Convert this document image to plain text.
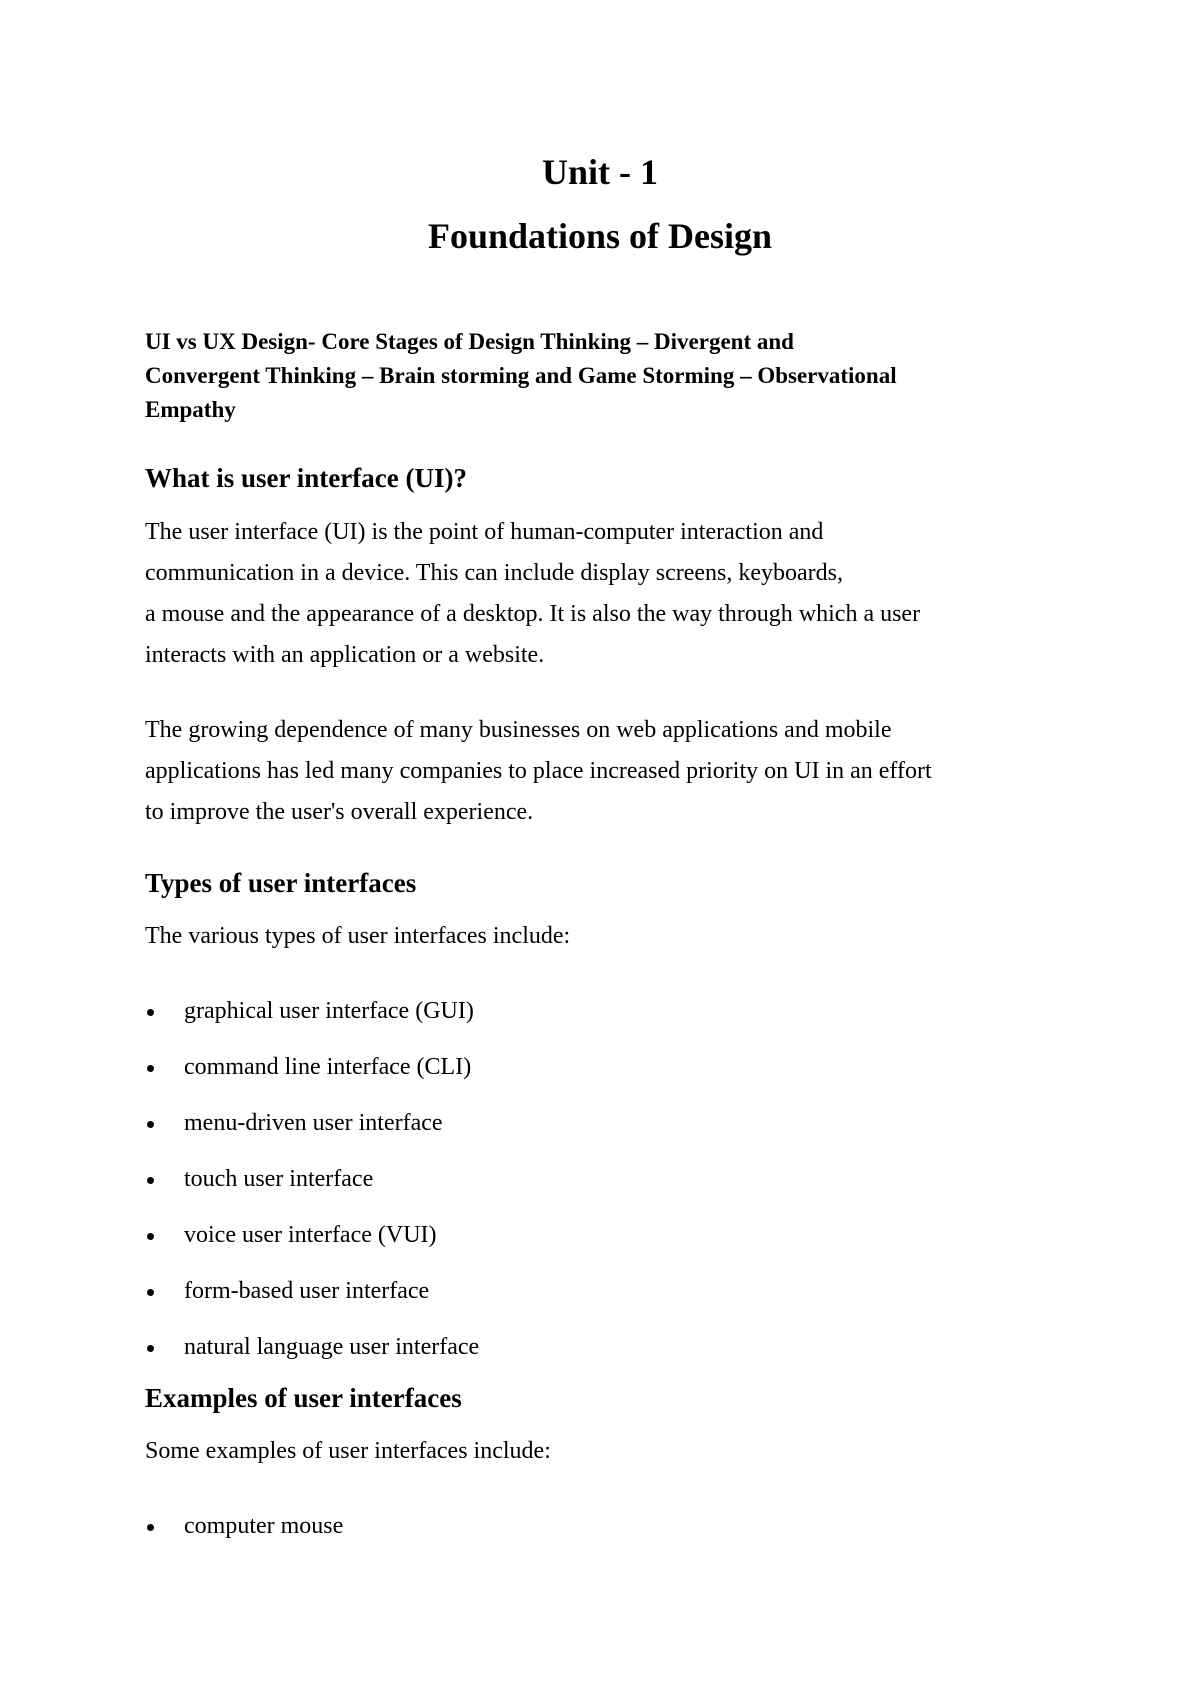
Unit - 1
Foundations of Design

UI vs UX Design- Core Stages of Design Thinking – Divergent and
Convergent Thinking – Brain storming and Game Storming – Observational
Empathy

What is user interface (UI)?

The user interface (UI) is the point of human-computer interaction and
communication in a device. This can include display screens, keyboards,
a mouse and the appearance of a desktop. It is also the way through which a user
interacts with an application or a website.

The growing dependence of many businesses on web applications and mobile
applications has led many companies to place increased priority on UI in an effort
to improve the user's overall experience.

Types of user interfaces

The various types of user interfaces include:

graphical user interface (GUI)
command line interface (CLI)
menu-driven user interface
touch user interface
voice user interface (VUI)
form-based user interface
natural language user interface
Examples of user interfaces

Some examples of user interfaces include:

computer mouse
